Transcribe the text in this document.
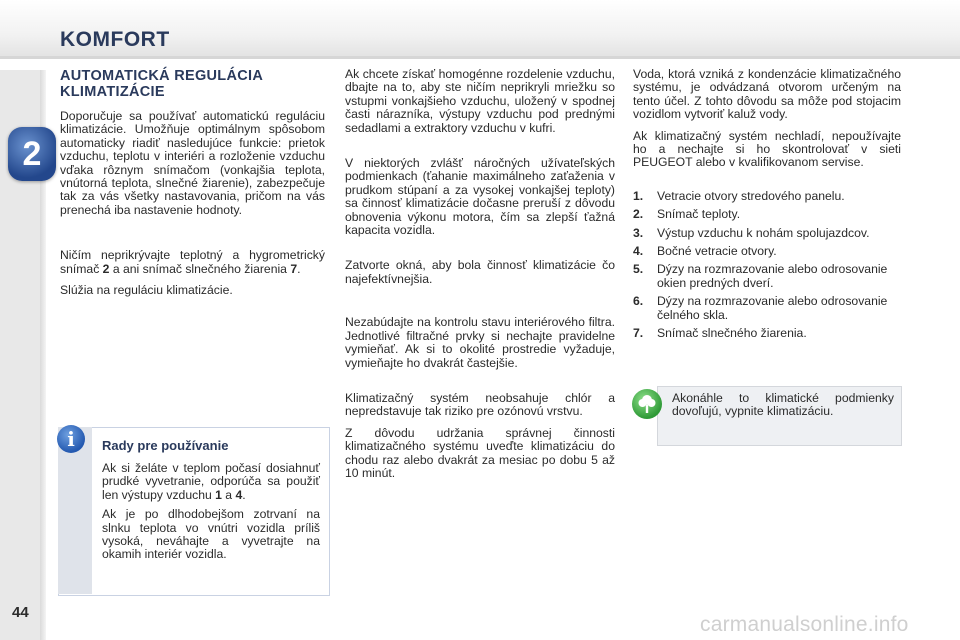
KOMFORT
2
44
AUTOMATICKÁ REGULÁCIA
KLIMATIZÁCIE

Doporučuje sa používať automatickú reguláciu klimatizácie. Umožňuje optimálnym spôsobom automaticky riadiť nasledujúce funkcie: prietok vzduchu, teplotu v interiéri a rozloženie vzduchu vďaka rôznym snímačom (vonkajšia teplota, vnútorná teplota, slnečné žiarenie), zabezpečuje tak za vás všetky nastavovania, pričom na vás prenechá iba nastavenie hodnoty.

Ničím neprikrývajte teplotný a hygrometrický snímač 2 a ani snímač slnečného žiarenia 7.

Slúžia na reguláciu klimatizácie.

i	Rady pre používanie

Ak si želáte v teplom počasí dosiahnuť prudké vyvetranie, odporúča sa použiť len výstupy vzduchu 1 a 4.

Ak je po dlhodobejšom zotrvaní na slnku teplota vo vnútri vozidla príliš vysoká, neváhajte a vyvetrajte na okamih interiér vozidla.

Ak chcete získať homogénne rozdelenie vzduchu, dbajte na to, aby ste ničím neprikryli mriežku so vstupmi vonkajšieho vzduchu, uložený v spodnej časti nárazníka, výstupy vzduchu pod prednými sedadlami a extraktory vzduchu v kufri.

V niektorých zvlášť náročných užívateľských podmienkach (ťahanie maximálneho zaťaženia v prudkom stúpaní a za vysokej vonkajšej teploty) sa činnosť klimatizácie dočasne preruší z dôvodu obnovenia výkonu motora, čím sa zlepší ťažná kapacita vozidla.

Zatvorte okná, aby bola činnosť klimatizácie čo najefektívnejšia.

Nezabúdajte na kontrolu stavu interiérového filtra. Jednotlivé filtračné prvky si nechajte pravidelne vymieňať. Ak si to okolité prostredie vyžaduje, vymieňajte ho dvakrát častejšie.

Klimatizačný systém neobsahuje chlór a nepredstavuje tak riziko pre ozónovú vrstvu.

Z dôvodu udržania správnej činnosti klimatizačného systému uveďte klimatizáciu do chodu raz alebo dvakrát za mesiac po dobu 5 až 10 minút.

Voda, ktorá vzniká z kondenzácie klimatizačného systému, je odvádzaná otvorom určeným na tento účel. Z tohto dôvodu sa môže pod stojacim vozidlom vytvoriť kaluž vody.

Ak klimatizačný systém nechladí, nepoužívajte ho a nechajte si ho skontrolovať v sieti PEUGEOT alebo v kvalifikovanom servise.

1. Vetracie otvory stredového panelu.
2. Snímač teploty.
3. Výstup vzduchu k nohám spolujazdcov.
4. Bočné vetracie otvory.
5. Dýzy na rozmrazovanie alebo odrosovanie okien predných dverí.
6. Dýzy na rozmrazovanie alebo odrosovanie čelného skla.
7. Snímač slnečného žiarenia.
Akonáhle to klimatické podmienky dovoľujú, vypnite klimatizáciu.
carmanualsonline.info
